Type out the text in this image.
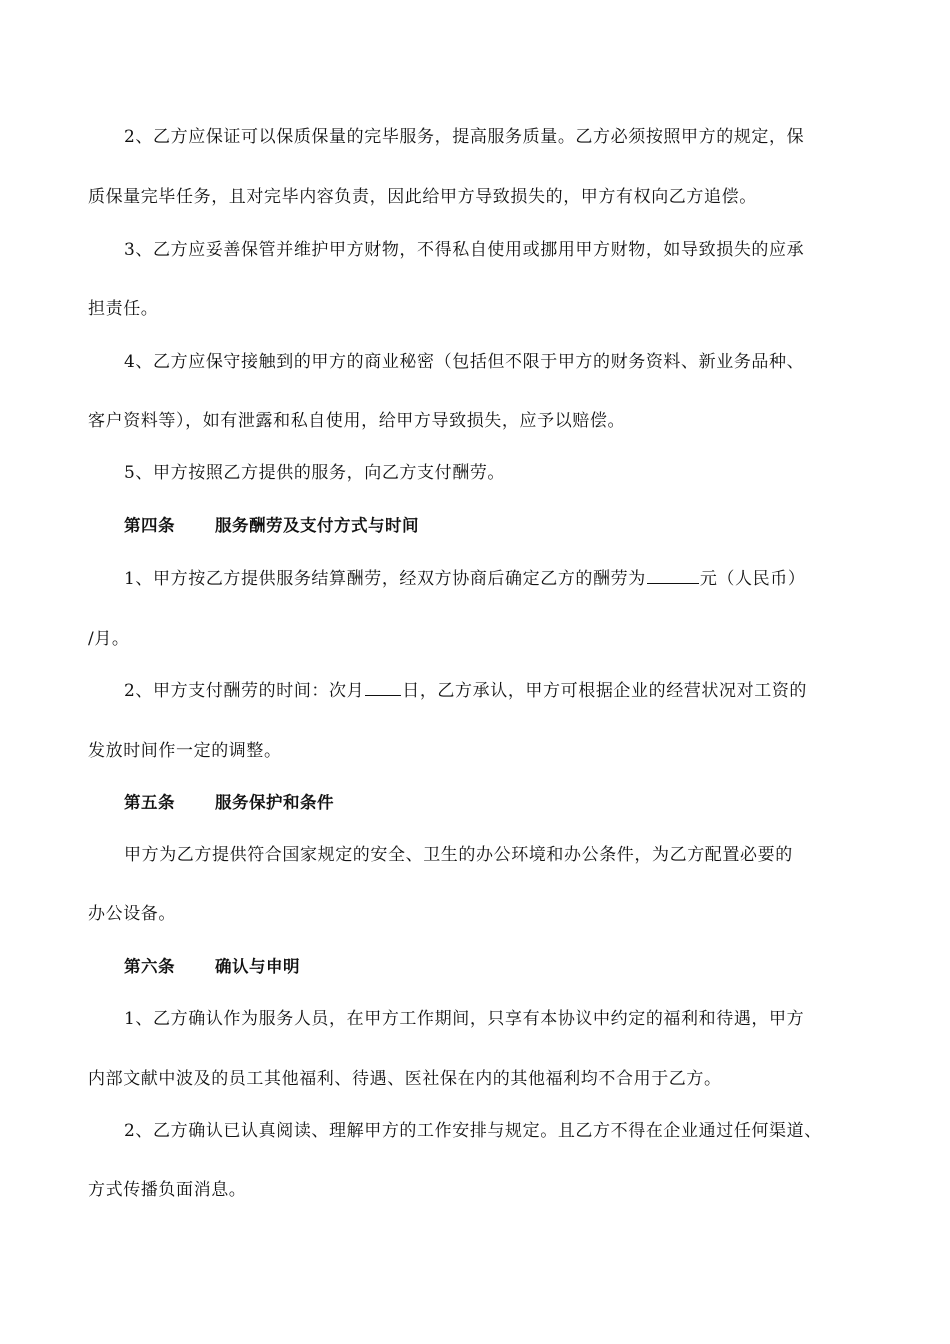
2、乙方应保证可以保质保量的完毕服务，提高服务质量。乙方必须按照甲方的规定，保
质保量完毕任务，且对完毕内容负责，因此给甲方导致损失的，甲方有权向乙方追偿。
3、乙方应妥善保管并维护甲方财物，不得私自使用或挪用甲方财物，如导致损失的应承
担责任。
4、乙方应保守接触到的甲方的商业秘密（包括但不限于甲方的财务资料、新业务品种、
客户资料等），如有泄露和私自使用，给甲方导致损失，应予以赔偿。
5、甲方按照乙方提供的服务，向乙方支付酬劳。
第四条 服务酬劳及支付方式与时间
1、甲方按乙方提供服务结算酬劳，经双方协商后确定乙方的酬劳为	元（人民币）
/月。
2、甲方支付酬劳的时间：次月 日，乙方承认，甲方可根据企业的经营状况对工资的
发放时间作一定的调整。
第五条 服务保护和条件
甲方为乙方提供符合国家规定的安全、卫生的办公环境和办公条件，为乙方配置必要的
办公设备。
第六条 确认与申明
1、乙方确认作为服务人员，在甲方工作期间，只享有本协议中约定的福利和待遇，甲方
内部文献中波及的员工其他福利、待遇、医社保在内的其他福利均不合用于乙方。
2、乙方确认已认真阅读、理解甲方的工作安排与规定。且乙方不得在企业通过任何渠道、
方式传播负面消息。
